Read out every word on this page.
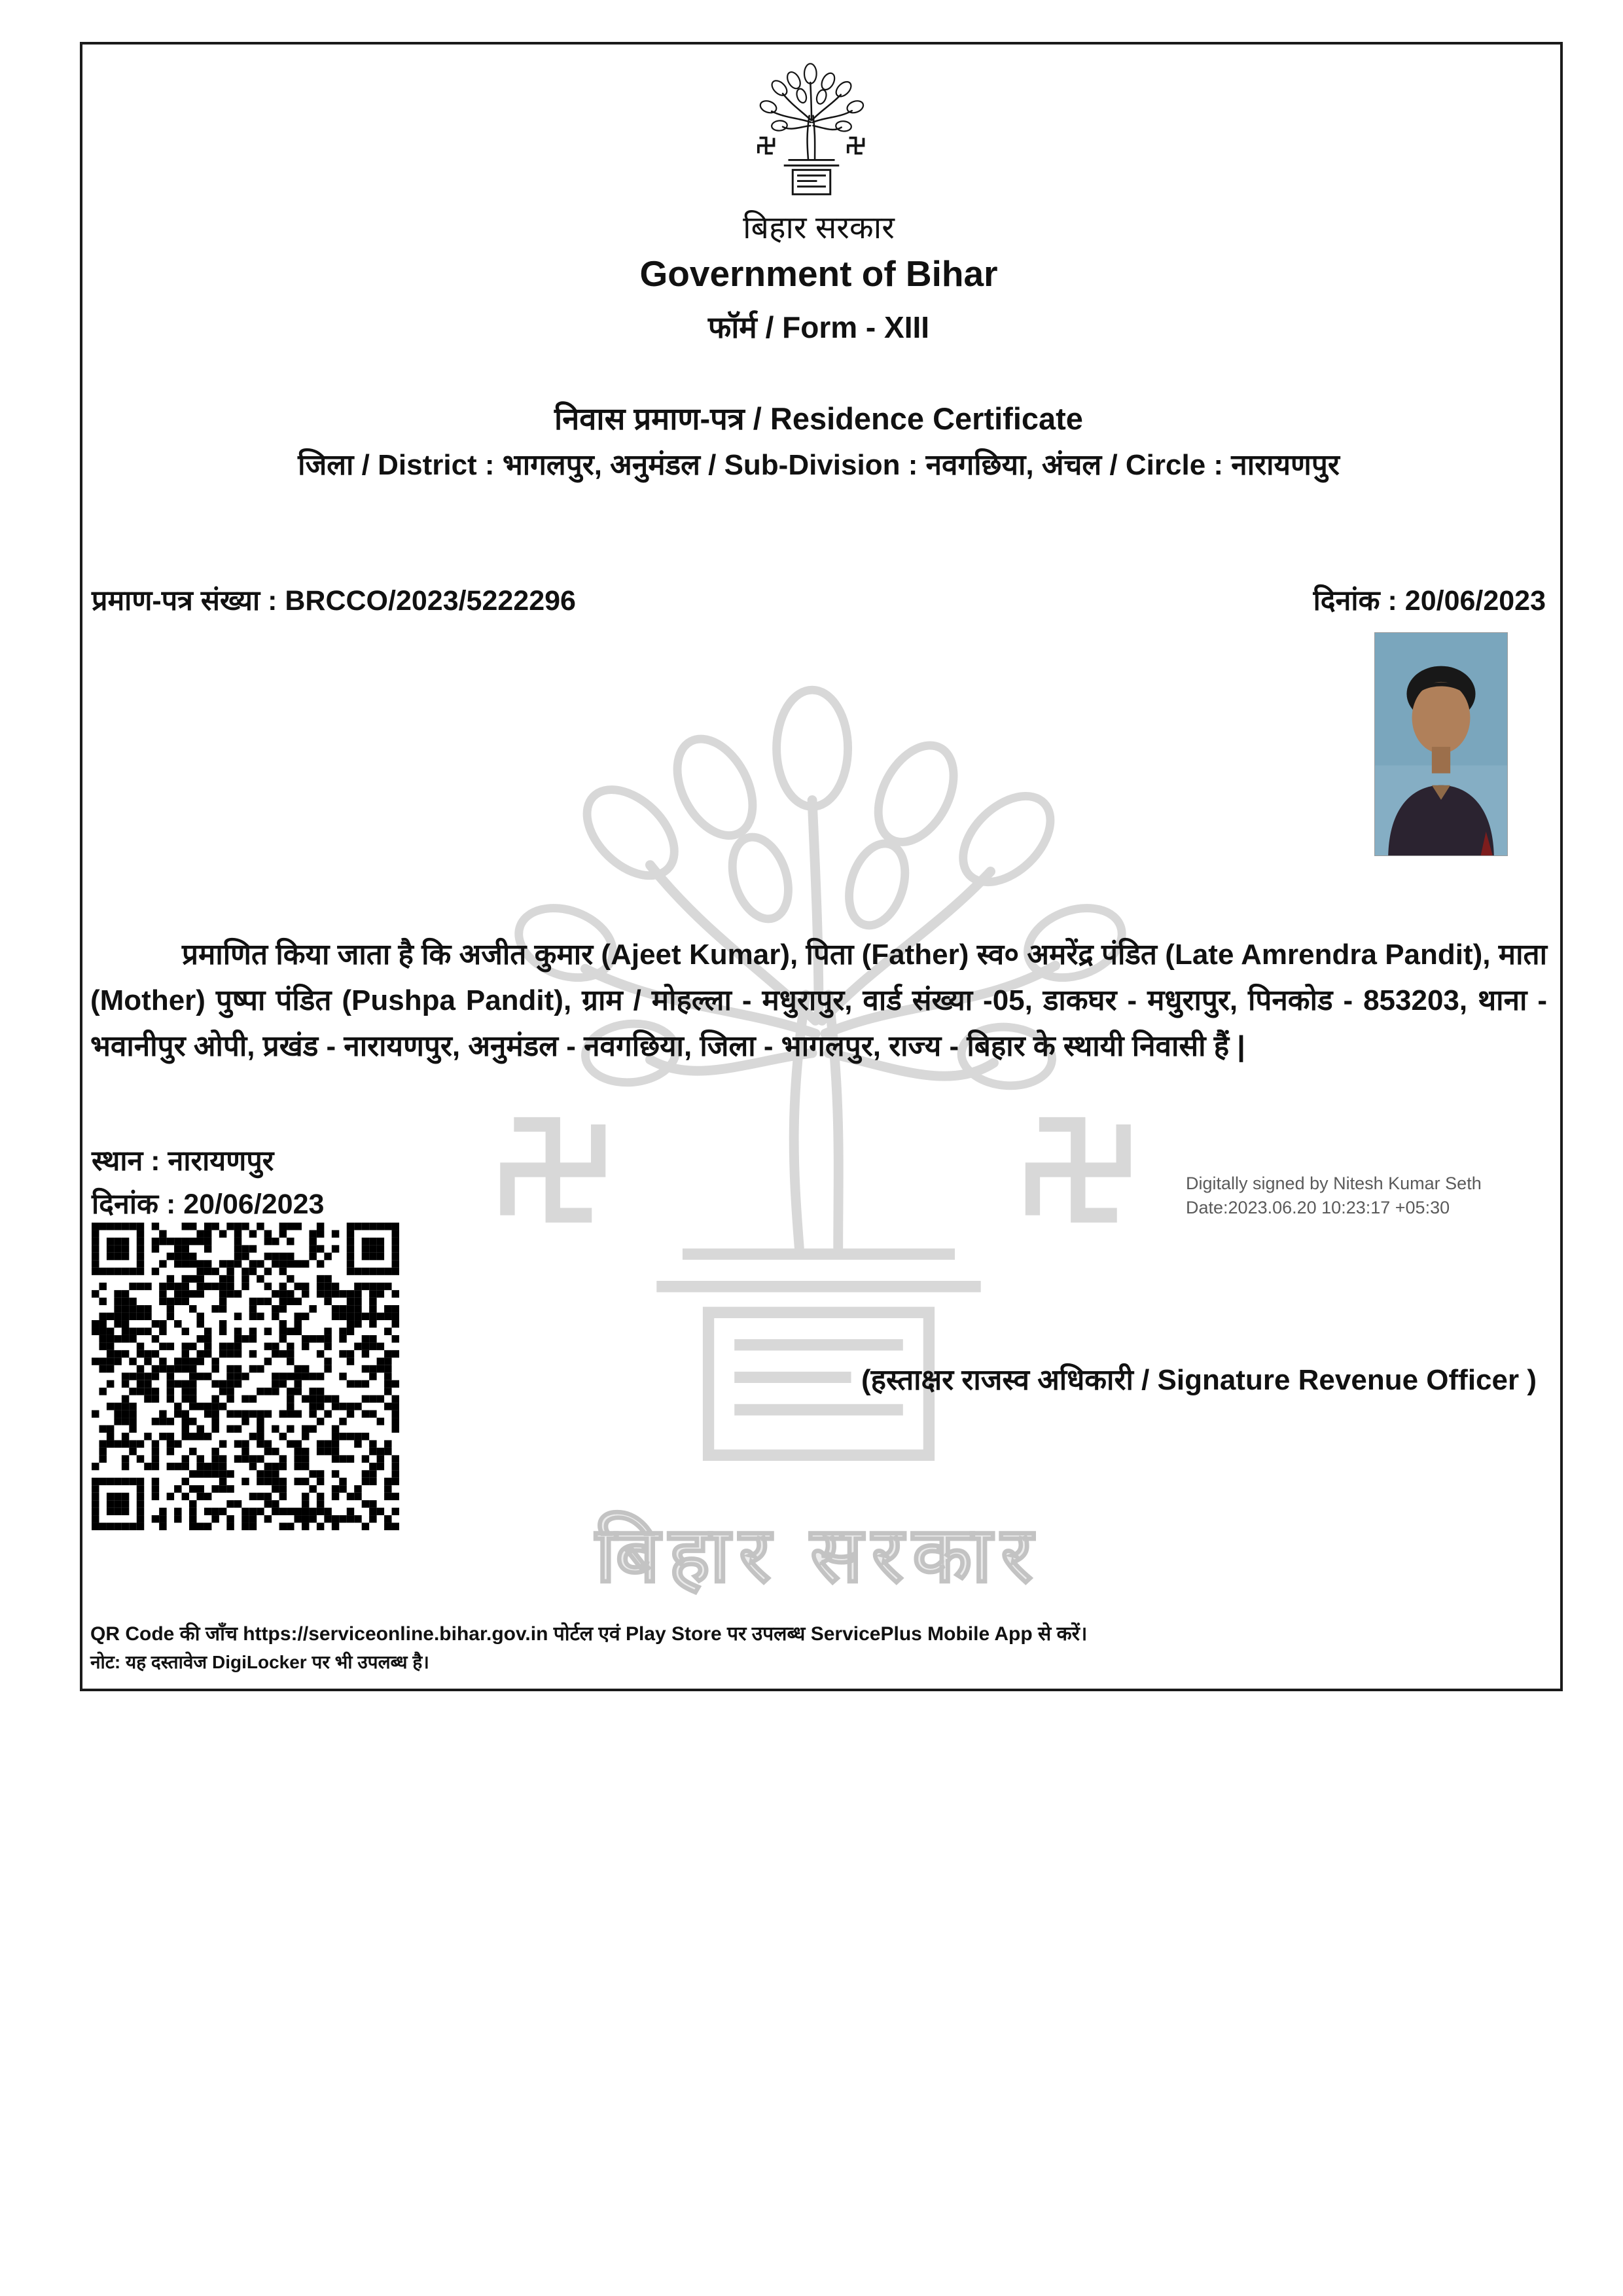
बिहार सरकार
बिहार सरकार
Government of Bihar
फॉर्म / Form - XIII
निवास प्रमाण-पत्र / Residence Certificate
जिला / District : भागलपुर, अनुमंडल / Sub-Division : नवगछिया, अंचल / Circle : नारायणपुर
प्रमाण-पत्र संख्या : BRCCO/2023/5222296	दिनांक : 20/06/2023
प्रमाणित किया जाता है कि अजीत कुमार (Ajeet Kumar), पिता (Father) स्व० अमरेंद्र पंडित (Late Amrendra Pandit), माता (Mother) पुष्पा पंडित (Pushpa Pandit), ग्राम / मोहल्ला - मधुरापुर, वार्ड संख्या -05, डाकघर - मधुरापुर, पिनकोड - 853203, थाना - भवानीपुर ओपी, प्रखंड - नारायणपुर, अनुमंडल - नवगछिया, जिला - भागलपुर, राज्य - बिहार के स्थायी निवासी हैं |
स्थान : नारायणपुर
दिनांक : 20/06/2023
Digitally signed by Nitesh Kumar Seth
Date:2023.06.20 10:23:17 +05:30
(हस्ताक्षर राजस्व अधिकारी / Signature Revenue Officer )
QR Code की जाँच https://serviceonline.bihar.gov.in पोर्टल एवं Play Store पर उपलब्ध ServicePlus Mobile App से करें।
नोट: यह दस्तावेज DigiLocker पर भी उपलब्ध है।
